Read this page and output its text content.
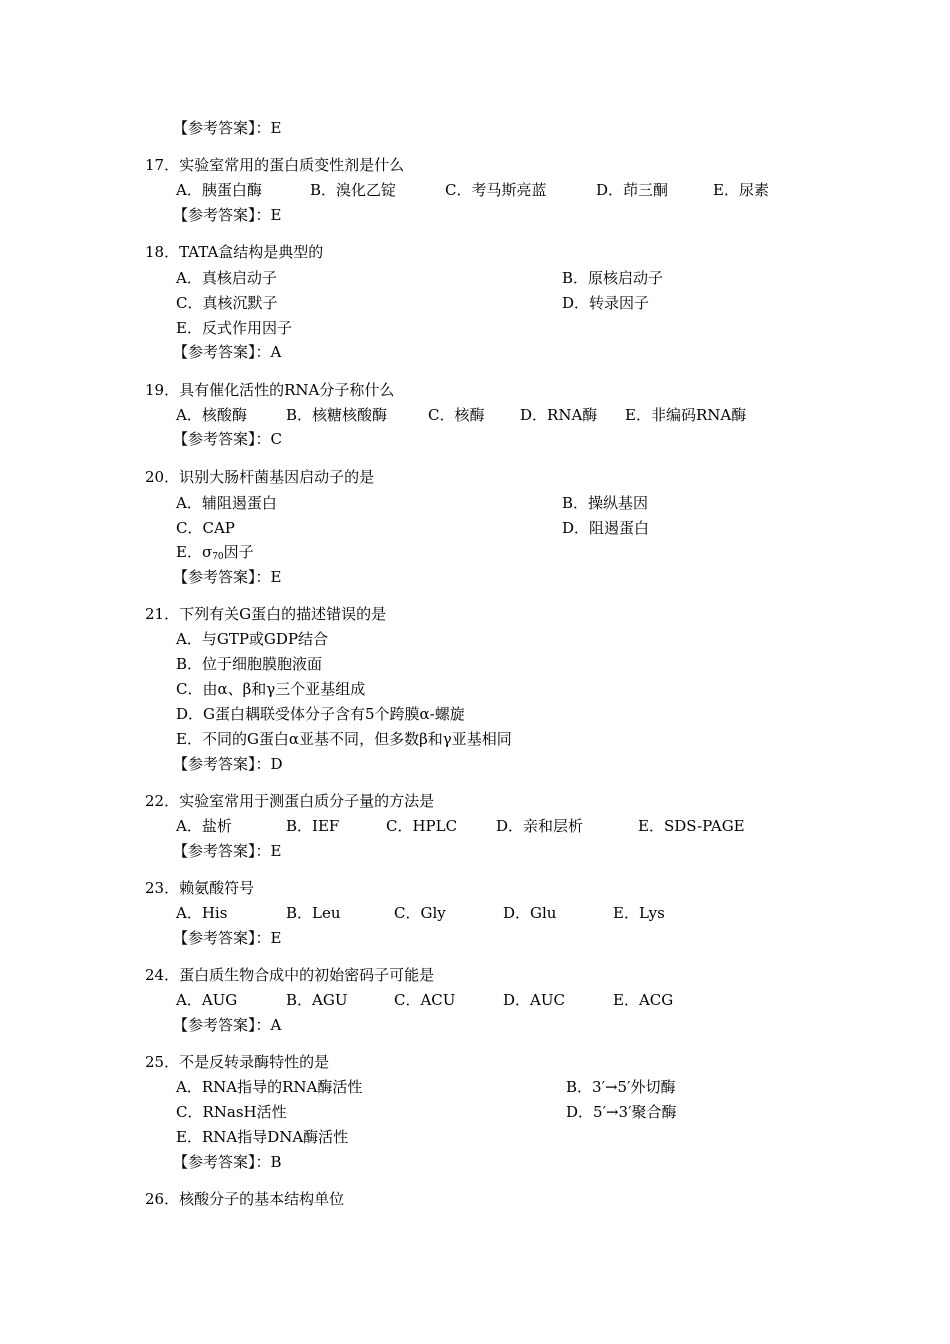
【参考答案】：E
17．实验室常用的蛋白质变性剂是什么
A．胰蛋白酶	B．溴化乙锭	C．考马斯亮蓝	D．茚三酮	E．尿素
【参考答案】：E
18．TATA盒结构是典型的
A．真核启动子	B．原核启动子
C．真核沉默子	D．转录因子
E．反式作用因子
【参考答案】：A
19．具有催化活性的RNA分子称什么
A．核酸酶	B．核糖核酸酶	C．核酶 D．RNA酶 E．非编码RNA酶
【参考答案】：C
20．识别大肠杆菌基因启动子的是
A．辅阻遏蛋白	B．操纵基因
C．CAP	D．阻遏蛋白
E．$\sigma_{70}$因子
【参考答案】：E
21．下列有关G蛋白的描述错误的是
A．与GTP或GDP结合
B．位于细胞膜胞液面
C．由α、β和γ三个亚基组成
D．G蛋白耦联受体分子含有5个跨膜α-螺旋
E．不同的G蛋白α亚基不同，但多数β和γ亚基相同
【参考答案】：D
22．实验室常用于测蛋白质分子量的方法是
A．盐析	B．IEF	C．HPLC	D．亲和层析	E．SDS-PAGE
【参考答案】：E
23．赖氨酸符号
A．His	B．Leu	C．Gly	D．Glu	E．Lys
【参考答案】：E
24．蛋白质生物合成中的初始密码子可能是
A．AUG	B．AGU	C．ACU	D．AUC	E．ACG
【参考答案】：A
25．不是反转录酶特性的是
A．RNA指导的RNA酶活性	B．3′→5′外切酶
C．RNasH活性	D．5′→3′聚合酶
E．RNA指导DNA酶活性
【参考答案】：B
26．核酸分子的基本结构单位
